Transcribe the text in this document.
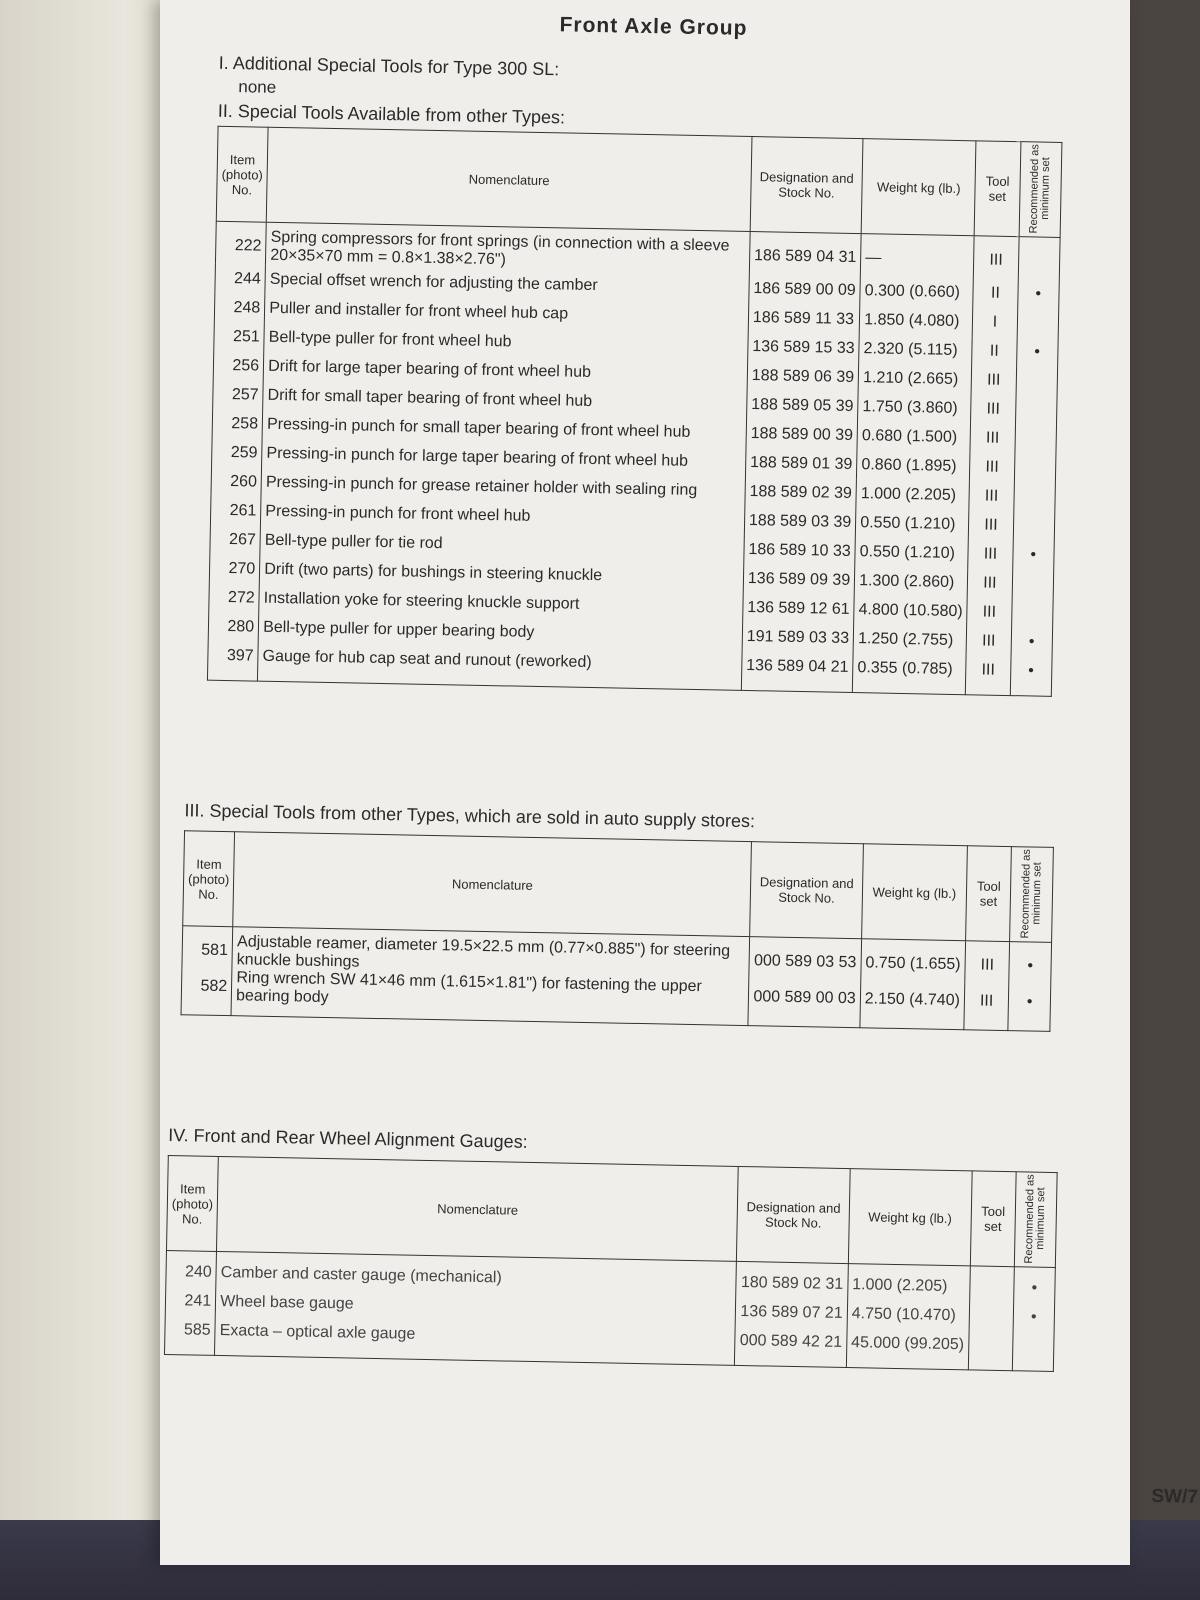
Front Axle Group
I. Additional Special Tools for Type 300 SL:
none
II. Special Tools Available from other Types:
Item (photo) No.	Nomenclature	Designation and Stock No.	Weight kg (lb.)	Tool set	Recommended as minimum set
222	Spring compressors for front springs (in connection with a sleeve 20×35×70 mm = 0.8×1.38×2.76")	186 589 04 31	—	III	
244	Special offset wrench for adjusting the camber	186 589 00 09	0.300 (0.660)	II	•
248	Puller and installer for front wheel hub cap	186 589 11 33	1.850 (4.080)	I	
251	Bell-type puller for front wheel hub	136 589 15 33	2.320 (5.115)	II	•
256	Drift for large taper bearing of front wheel hub	188 589 06 39	1.210 (2.665)	III	
257	Drift for small taper bearing of front wheel hub	188 589 05 39	1.750 (3.860)	III	
258	Pressing-in punch for small taper bearing of front wheel hub	188 589 00 39	0.680 (1.500)	III	
259	Pressing-in punch for large taper bearing of front wheel hub	188 589 01 39	0.860 (1.895)	III	
260	Pressing-in punch for grease retainer holder with sealing ring	188 589 02 39	1.000 (2.205)	III	
261	Pressing-in punch for front wheel hub	188 589 03 39	0.550 (1.210)	III	
267	Bell-type puller for tie rod	186 589 10 33	0.550 (1.210)	III	•
270	Drift (two parts) for bushings in steering knuckle	136 589 09 39	1.300 (2.860)	III	
272	Installation yoke for steering knuckle support	136 589 12 61	4.800 (10.580)	III	
280	Bell-type puller for upper bearing body	191 589 03 33	1.250 (2.755)	III	•
397	Gauge for hub cap seat and runout (reworked)	136 589 04 21	0.355 (0.785)	III	•
III. Special Tools from other Types, which are sold in auto supply stores:
Item (photo) No.	Nomenclature	Designation and Stock No.	Weight kg (lb.)	Tool set	Recommended as minimum set
581	Adjustable reamer, diameter 19.5×22.5 mm (0.77×0.885") for steering knuckle bushings	000 589 03 53	0.750 (1.655)	III	•
582	Ring wrench SW 41×46 mm (1.615×1.81") for fastening the upper bearing body	000 589 00 03	2.150 (4.740)	III	•
IV. Front and Rear Wheel Alignment Gauges:
Item (photo) No.	Nomenclature	Designation and Stock No.	Weight kg (lb.)	Tool set	Recommended as minimum set
240	Camber and caster gauge (mechanical)	180 589 02 31	1.000 (2.205)		•
241	Wheel base gauge	136 589 07 21	4.750 (10.470)		•
585	Exacta – optical axle gauge	000 589 42 21	45.000 (99.205)		
SW/7
